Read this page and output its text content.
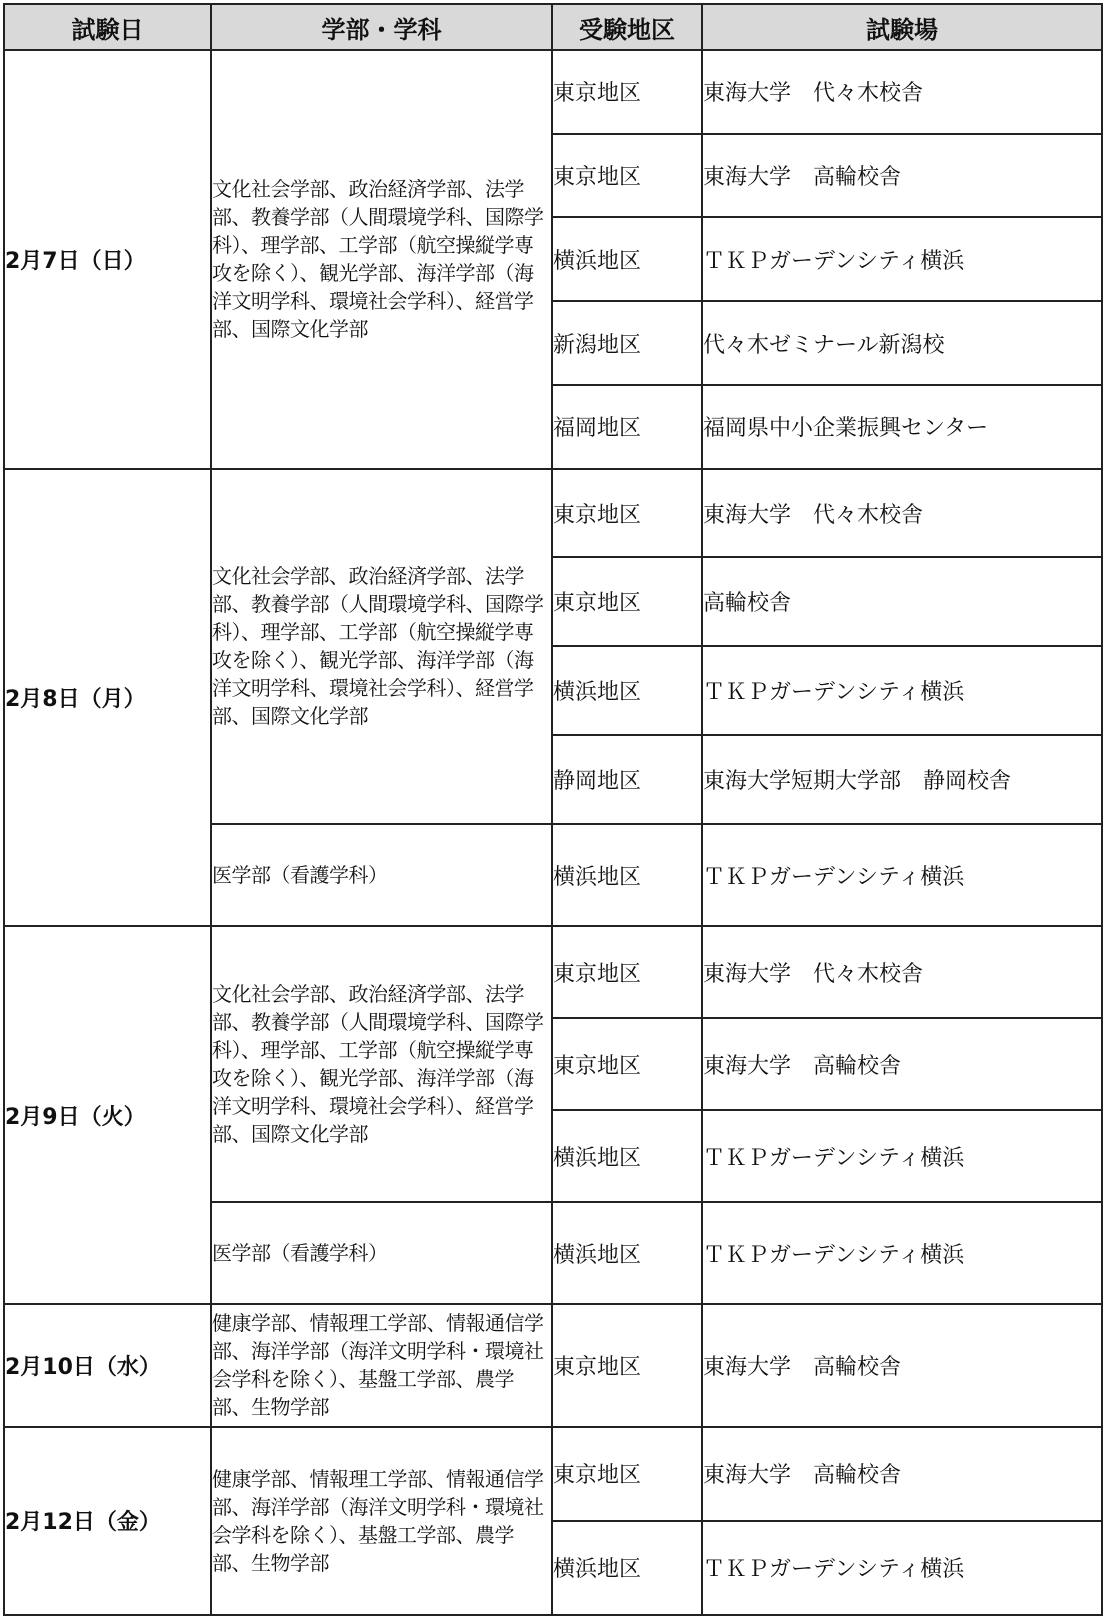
試験日	学部・学科	受験地区	試験場
2月7日（日）	文化社会学部、政治経済学部、法学部、教養学部（人間環境学科、国際学科）、理学部、工学部（航空操縦学専攻を除く）、観光学部、海洋学部（海洋文明学科、環境社会学科）、経営学部、国際文化学部	東京地区	東海大学　代々木校舎
		東京地区	東海大学　高輪校舎
		横浜地区	ＴＫＰガーデンシティ横浜
		新潟地区	代々木ゼミナール新潟校
		福岡地区	福岡県中小企業振興センター
2月8日（月）	文化社会学部、政治経済学部、法学部、教養学部（人間環境学科、国際学科）、理学部、工学部（航空操縦学専攻を除く）、観光学部、海洋学部（海洋文明学科、環境社会学科）、経営学部、国際文化学部	東京地区	東海大学　代々木校舎
		東京地区	高輪校舎
		横浜地区	ＴＫＰガーデンシティ横浜
		静岡地区	東海大学短期大学部　静岡校舎
	医学部（看護学科）	横浜地区	ＴＫＰガーデンシティ横浜
2月9日（火）	文化社会学部、政治経済学部、法学部、教養学部（人間環境学科、国際学科）、理学部、工学部（航空操縦学専攻を除く）、観光学部、海洋学部（海洋文明学科、環境社会学科）、経営学部、国際文化学部	東京地区	東海大学　代々木校舎
		東京地区	東海大学　高輪校舎
		横浜地区	ＴＫＰガーデンシティ横浜
	医学部（看護学科）	横浜地区	ＴＫＰガーデンシティ横浜
2月10日（水）	健康学部、情報理工学部、情報通信学部、海洋学部（海洋文明学科・環境社会学科を除く）、基盤工学部、農学部、生物学部	東京地区	東海大学　高輪校舎
2月12日（金）	健康学部、情報理工学部、情報通信学部、海洋学部（海洋文明学科・環境社会学科を除く）、基盤工学部、農学部、生物学部	東京地区	東海大学　高輪校舎
		横浜地区	ＴＫＰガーデンシティ横浜
